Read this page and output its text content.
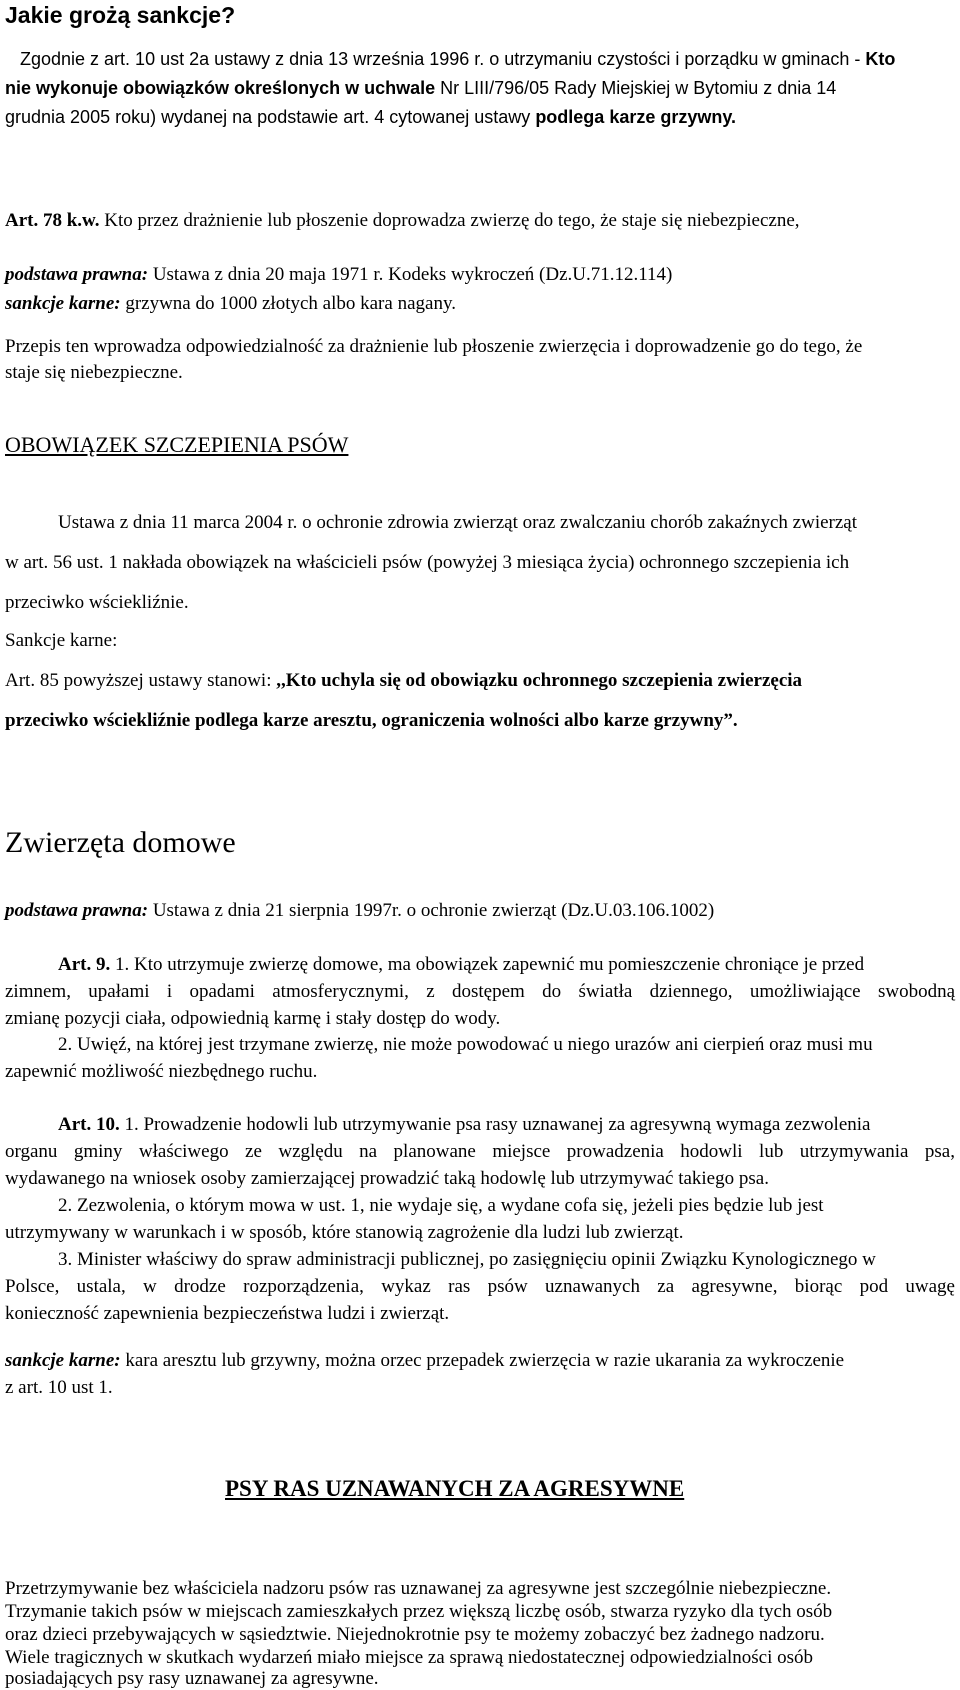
Jakie grożą sankcje?
Zgodnie z art. 10 ust 2a ustawy z dnia 13 września 1996 r. o utrzymaniu czystości i porządku w gminach - Kto
nie wykonuje obowiązków określonych w uchwale Nr LIII/796/05 Rady Miejskiej w Bytomiu z dnia 14
grudnia 2005 roku) wydanej na podstawie art. 4 cytowanej ustawy podlega karze grzywny.
Art. 78 k.w. Kto przez drażnienie lub płoszenie doprowadza zwierzę do tego, że staje się niebezpieczne,
podstawa prawna: Ustawa z dnia 20 maja 1971 r. Kodeks wykroczeń (Dz.U.71.12.114)
sankcje karne: grzywna do 1000 złotych albo kara nagany.
Przepis ten wprowadza odpowiedzialność za drażnienie lub płoszenie zwierzęcia i doprowadzenie go do tego, że
staje się niebezpieczne.
OBOWIĄZEK SZCZEPIENIA PSÓW
Ustawa z dnia 11 marca 2004 r. o ochronie zdrowia zwierząt oraz zwalczaniu chorób zakaźnych zwierząt
w art. 56 ust. 1 nakłada obowiązek na właścicieli psów (powyżej 3 miesiąca życia) ochronnego szczepienia ich
przeciwko wściekliźnie.
Sankcje karne:
Art. 85 powyższej ustawy stanowi: ,,Kto uchyla się od obowiązku ochronnego szczepienia zwierzęcia
przeciwko wściekliźnie podlega karze aresztu, ograniczenia wolności albo karze grzywny”.
Zwierzęta domowe
podstawa prawna: Ustawa z dnia 21 sierpnia 1997r. o ochronie zwierząt (Dz.U.03.106.1002)
Art. 9. 1. Kto utrzymuje zwierzę domowe, ma obowiązek zapewnić mu pomieszczenie chroniące je przed
zimnem, upałami i opadami atmosferycznymi, z dostępem do światła dziennego, umożliwiające swobodną
zmianę pozycji ciała, odpowiednią karmę i stały dostęp do wody.
2. Uwięź, na której jest trzymane zwierzę, nie może powodować u niego urazów ani cierpień oraz musi mu
zapewnić możliwość niezbędnego ruchu.
Art. 10. 1. Prowadzenie hodowli lub utrzymywanie psa rasy uznawanej za agresywną wymaga zezwolenia
organu gminy właściwego ze względu na planowane miejsce prowadzenia hodowli lub utrzymywania psa,
wydawanego na wniosek osoby zamierzającej prowadzić taką hodowlę lub utrzymywać takiego psa.
2. Zezwolenia, o którym mowa w ust. 1, nie wydaje się, a wydane cofa się, jeżeli pies będzie lub jest
utrzymywany w warunkach i w sposób, które stanowią zagrożenie dla ludzi lub zwierząt.
3. Minister właściwy do spraw administracji publicznej, po zasięgnięciu opinii Związku Kynologicznego w
Polsce, ustala, w drodze rozporządzenia, wykaz ras psów uznawanych za agresywne, biorąc pod uwagę
konieczność zapewnienia bezpieczeństwa ludzi i zwierząt.
sankcje karne: kara aresztu lub grzywny, można orzec przepadek zwierzęcia w razie ukarania za wykroczenie
z art. 10 ust 1.
PSY RAS UZNAWANYCH ZA AGRESYWNE
Przetrzymywanie bez właściciela nadzoru psów ras uznawanej za agresywne jest szczególnie niebezpieczne.
Trzymanie takich psów w miejscach zamieszkałych przez większą liczbę osób, stwarza ryzyko dla tych osób
oraz dzieci przebywających w sąsiedztwie. Niejednokrotnie psy te możemy zobaczyć bez żadnego nadzoru.
Wiele tragicznych w skutkach wydarzeń miało miejsce za sprawą niedostatecznej odpowiedzialności osób
posiadających psy rasy uznawanej za agresywne.
